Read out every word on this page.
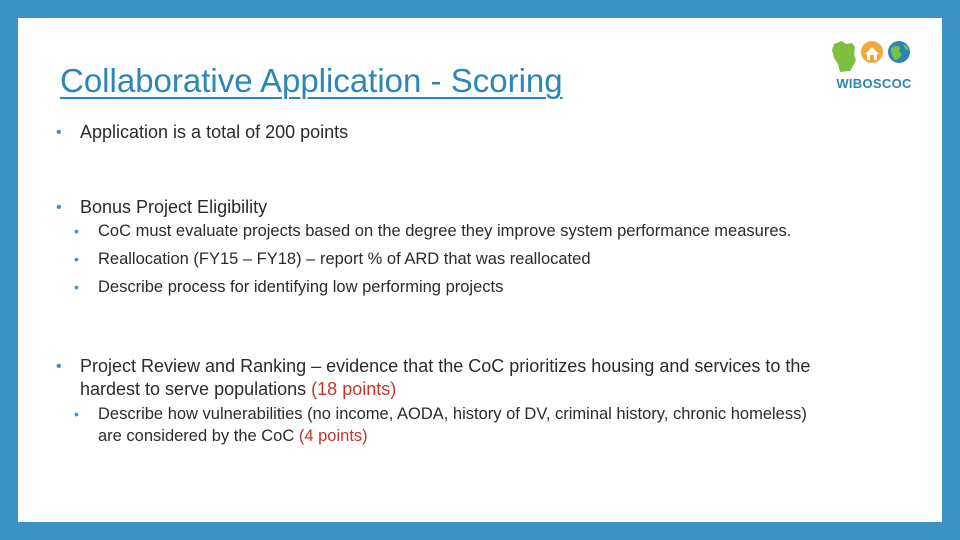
Collaborative Application - Scoring	WIBOSCOC
• Application is a total of 200 points
• Bonus Project Eligibility
• CoC must evaluate projects based on the degree they improve system performance measures.
• Reallocation (FY15 – FY18) – report % of ARD that was reallocated
• Describe process for identifying low performing projects
• Project Review and Ranking – evidence that the CoC prioritizes housing and services to the
hardest to serve populations (18 points)
• Describe how vulnerabilities (no income, AODA, history of DV, criminal history, chronic homeless)
are considered by the CoC (4 points)
